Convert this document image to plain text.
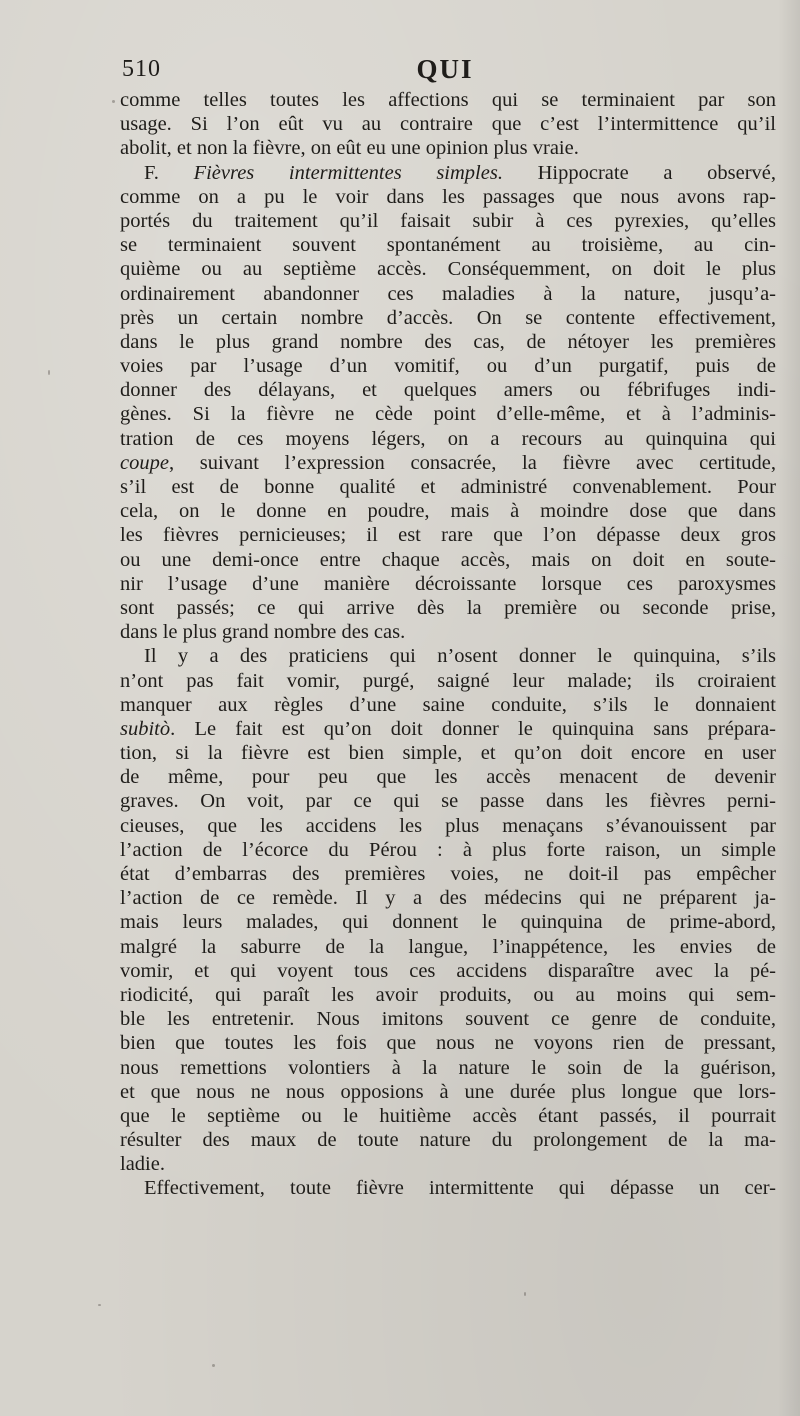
510	QUI
comme telles toutes les affections qui se terminaient par son
usage. Si l’on eût vu au contraire que c’est l’intermittence qu’il
abolit, et non la fièvre, on eût eu une opinion plus vraie.
F. Fièvres intermittentes simples. Hippocrate a observé,
comme on a pu le voir dans les passages que nous avons rap-
portés du traitement qu’il faisait subir à ces pyrexies, qu’elles
se terminaient souvent spontanément au troisième, au cin-
quième ou au septième accès. Conséquemment, on doit le plus
ordinairement abandonner ces maladies à la nature, jusqu’a-
près un certain nombre d’accès. On se contente effectivement,
dans le plus grand nombre des cas, de nétoyer les premières
voies par l’usage d’un vomitif, ou d’un purgatif, puis de
donner des délayans, et quelques amers ou fébrifuges indi-
gènes. Si la fièvre ne cède point d’elle-même, et à l’adminis-
tration de ces moyens légers, on a recours au quinquina qui
coupe, suivant l’expression consacrée, la fièvre avec certitude,
s’il est de bonne qualité et administré convenablement. Pour
cela, on le donne en poudre, mais à moindre dose que dans
les fièvres pernicieuses; il est rare que l’on dépasse deux gros
ou une demi-once entre chaque accès, mais on doit en soute-
nir l’usage d’une manière décroissante lorsque ces paroxysmes
sont passés; ce qui arrive dès la première ou seconde prise,
dans le plus grand nombre des cas.
Il y a des praticiens qui n’osent donner le quinquina, s’ils
n’ont pas fait vomir, purgé, saigné leur malade; ils croiraient
manquer aux règles d’une saine conduite, s’ils le donnaient
subitò. Le fait est qu’on doit donner le quinquina sans prépara-
tion, si la fièvre est bien simple, et qu’on doit encore en user
de même, pour peu que les accès menacent de devenir
graves. On voit, par ce qui se passe dans les fièvres perni-
cieuses, que les accidens les plus menaçans s’évanouissent par
l’action de l’écorce du Pérou : à plus forte raison, un simple
état d’embarras des premières voies, ne doit-il pas empêcher
l’action de ce remède. Il y a des médecins qui ne préparent ja-
mais leurs malades, qui donnent le quinquina de prime-abord,
malgré la saburre de la langue, l’inappétence, les envies de
vomir, et qui voyent tous ces accidens disparaître avec la pé-
riodicité, qui paraît les avoir produits, ou au moins qui sem-
ble les entretenir. Nous imitons souvent ce genre de conduite,
bien que toutes les fois que nous ne voyons rien de pressant,
nous remettions volontiers à la nature le soin de la guérison,
et que nous ne nous opposions à une durée plus longue que lors-
que le septième ou le huitième accès étant passés, il pourrait
résulter des maux de toute nature du prolongement de la ma-
ladie.
Effectivement, toute fièvre intermittente qui dépasse un cer-
